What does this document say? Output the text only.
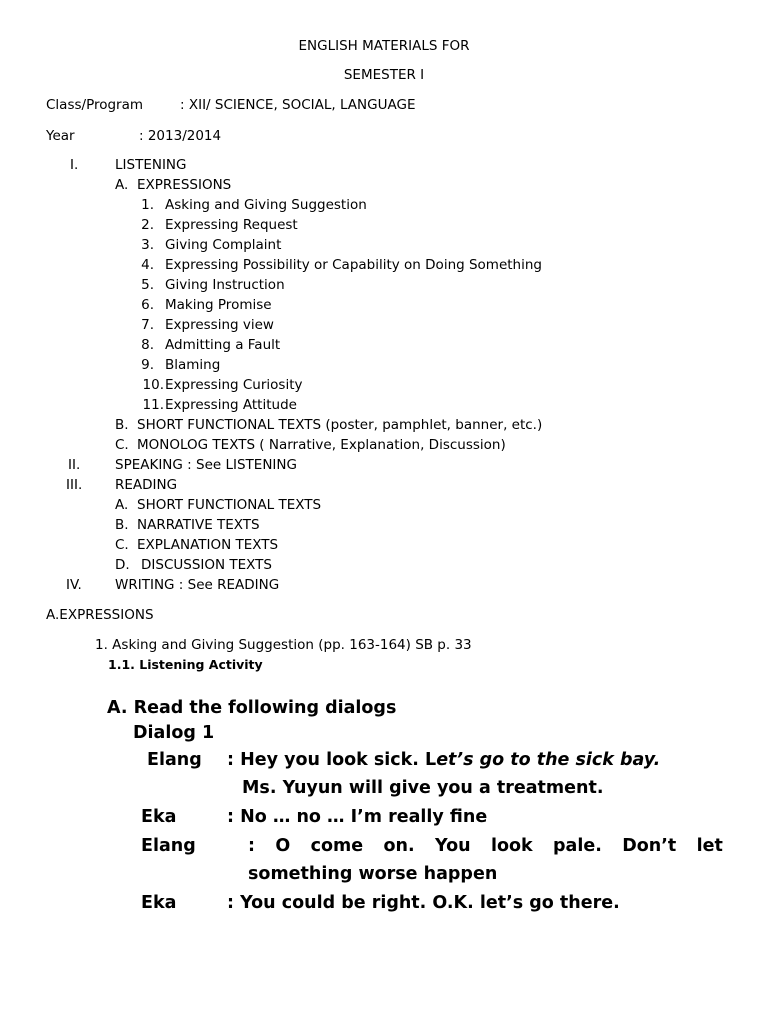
ENGLISH MATERIALS FOR
SEMESTER I
Class/Program	: XII/ SCIENCE, SOCIAL, LANGUAGE
Year	: 2013/2014
I.	LISTENING
A. EXPRESSIONS
1. Asking and Giving Suggestion
2. Expressing Request
3. Giving Complaint
4. Expressing Possibility or Capability on Doing Something
5. Giving Instruction
6. Making Promise
7. Expressing view
8. Admitting a Fault
9. Blaming
10. Expressing Curiosity
11. Expressing Attitude
B. SHORT FUNCTIONAL TEXTS (poster, pamphlet, banner, etc.)
C. MONOLOG TEXTS ( Narrative, Explanation, Discussion)
II.	SPEAKING : See LISTENING
III. READING
A. SHORT FUNCTIONAL TEXTS
B. NARRATIVE TEXTS
C. EXPLANATION TEXTS
D. DISCUSSION TEXTS
IV. WRITING : See READING
A.EXPRESSIONS
1. Asking and Giving Suggestion (pp. 163-164) SB p. 33
1.1. Listening Activity
A. Read the following dialogs
Dialog 1
Elang : Hey you look sick. Let’s go to the sick bay.
Ms. Yuyun will give you a treatment.
Eka	: No … no … I’m really fine
Elang	: O come on. You look pale. Don’t let
something worse happen
Eka	: You could be right. O.K. let’s go there.
